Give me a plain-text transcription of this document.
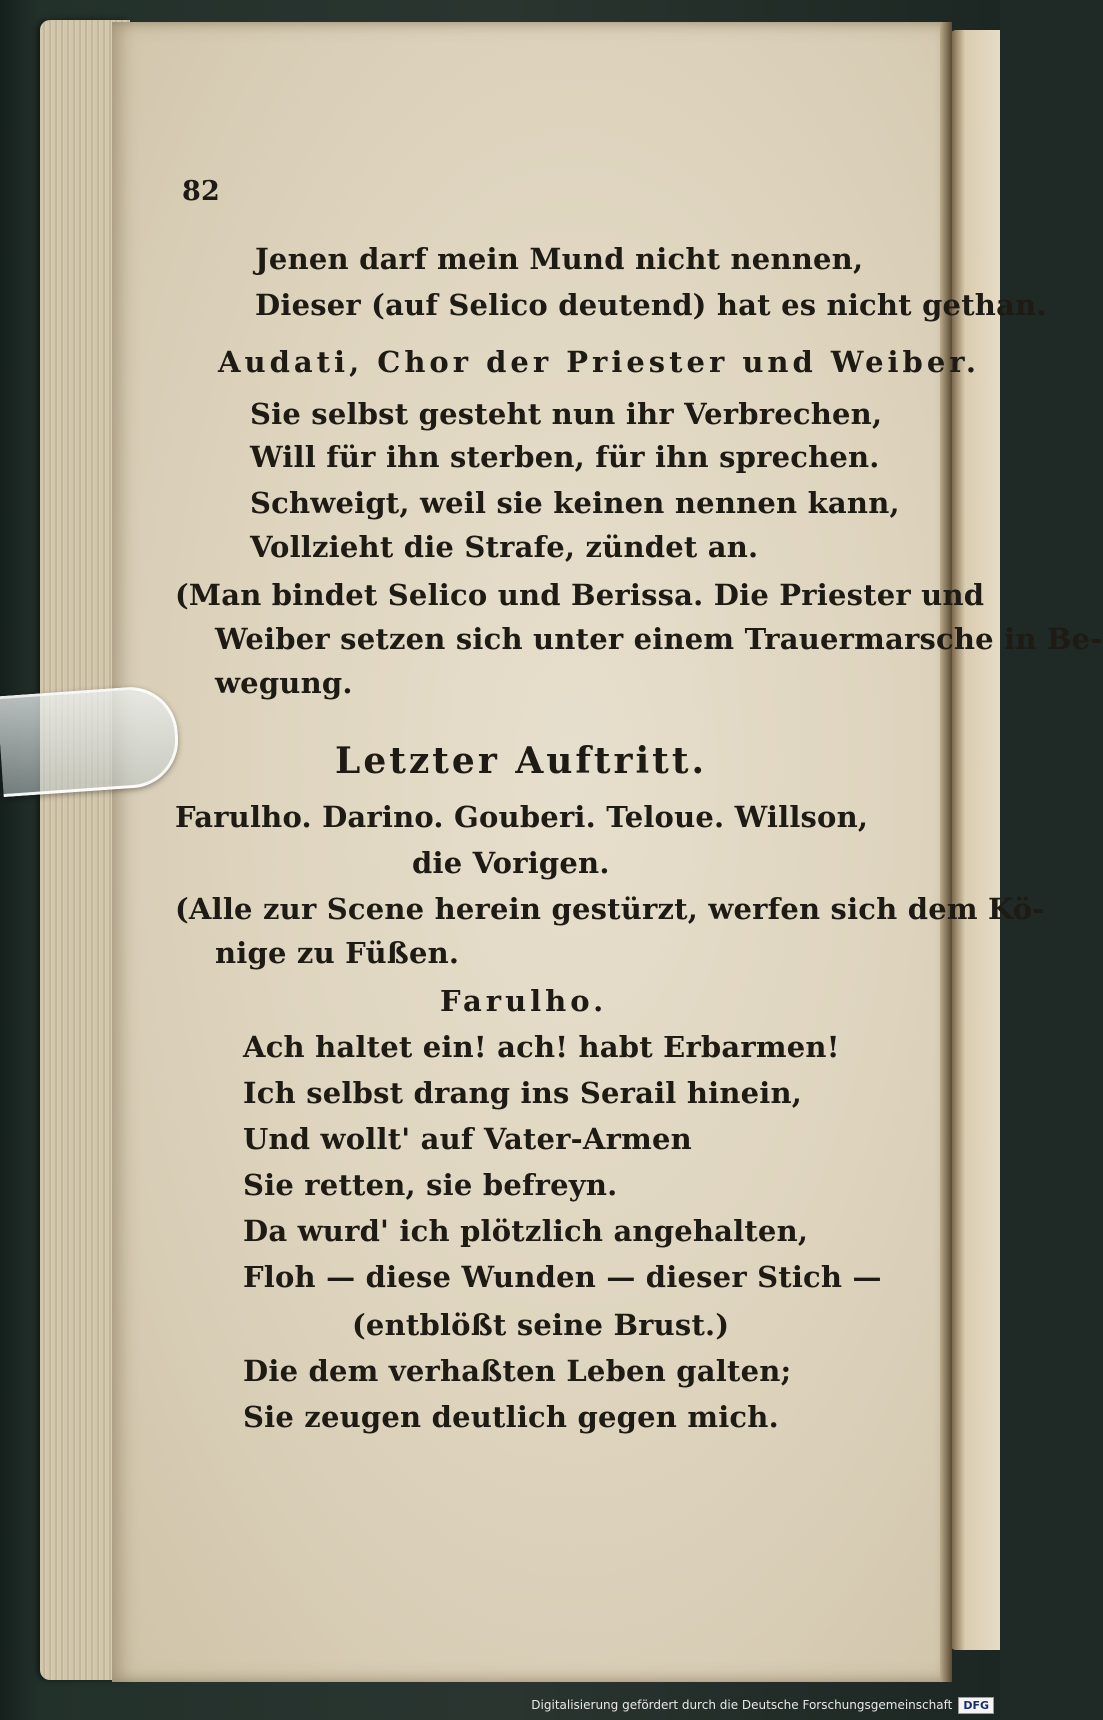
82
Jenen darf mein Mund nicht nennen,
Dieser (auf Selico deutend) hat es nicht gethan.
Audati, Chor der Priester und Weiber.
Sie selbst gesteht nun ihr Verbrechen,
Will für ihn sterben, für ihn sprechen.
Schweigt, weil sie keinen nennen kann,
Vollzieht die Strafe, zündet an.
(Man bindet Selico und Berissa. Die Priester und
Weiber setzen sich unter einem Trauermarsche in Be-
wegung.
Letzter Auftritt.
Farulho. Darino. Gouberi. Teloue. Willson,
die Vorigen.
(Alle zur Scene herein gestürzt, werfen sich dem Kö-
nige zu Füßen.
Farulho.
Ach haltet ein! ach! habt Erbarmen!
Ich selbst drang ins Serail hinein,
Und wollt' auf Vater-Armen
Sie retten, sie befreyn.
Da wurd' ich plötzlich angehalten,
Floh — diese Wunden — dieser Stich —
(entblößt seine Brust.)
Die dem verhaßten Leben galten;
Sie zeugen deutlich gegen mich.
Digitalisierung gefördert durch die Deutsche Forschungsgemeinschaft	DFG
